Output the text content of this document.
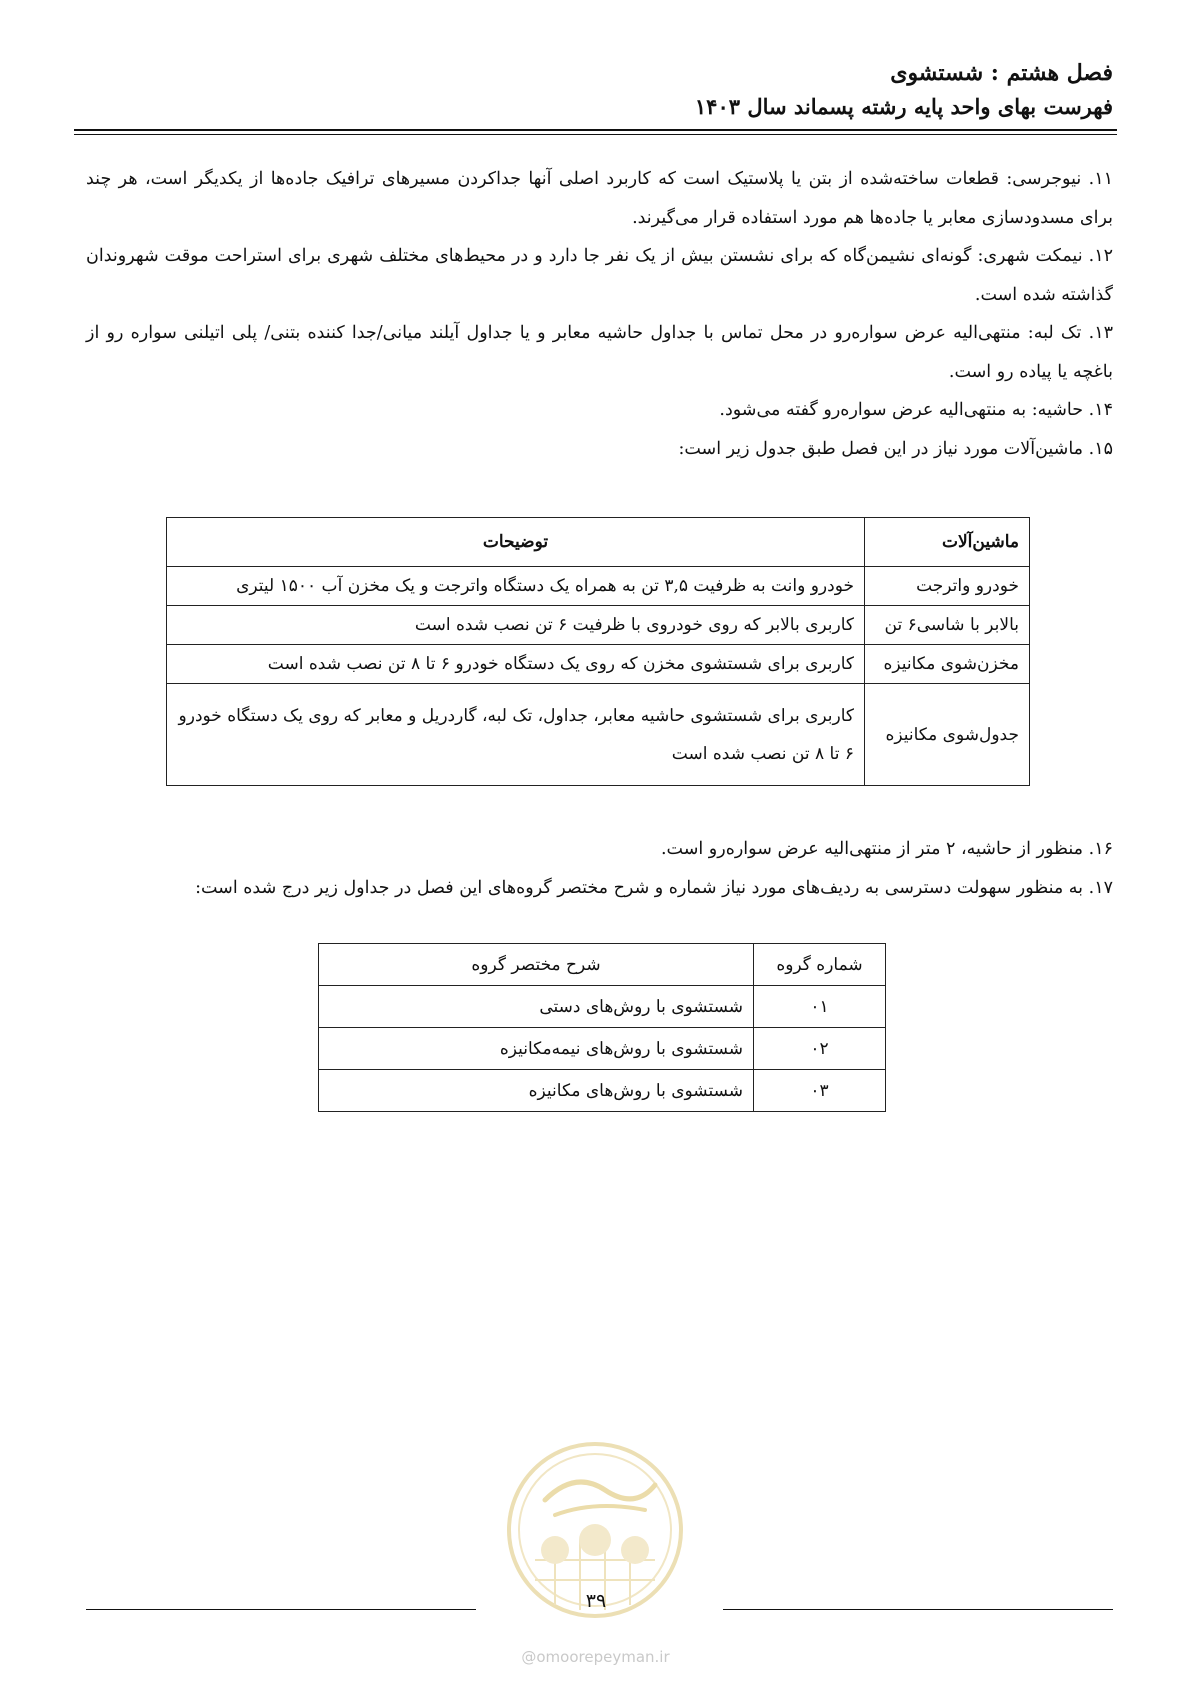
فصل هشتم : شستشوی
فهرست بهای واحد پایه رشته پسماند سال ۱۴۰۳

۱۱. نیوجرسی: قطعات ساخته‌شده از بتن یا پلاستیک است که کاربرد اصلی آنها جداکردن مسیرهای ترافیک جاده‌ها از یکدیگر است، هر چند برای مسدودسازی معابر یا جاده‌ها هم مورد استفاده قرار می‌گیرند.

۱۲. نیمکت شهری: گونه‌ای نشیمن‌گاه که برای نشستن بیش از یک نفر جا دارد و در محیط‌های مختلف شهری برای استراحت موقت شهروندان گذاشته شده است.

۱۳. تک لبه: منتهی‌الیه عرض سواره‌رو در محل تماس با جداول حاشیه معابر و یا جداول آیلند میانی/جدا کننده بتنی/ پلی اتیلنی سواره رو از باغچه یا پیاده رو است.

۱۴. حاشیه: به منتهی‌الیه عرض سواره‌رو گفته می‌شود.

۱۵. ماشین‌آلات مورد نیاز در این فصل طبق جدول زیر است:

ماشین‌آلات	توضیحات
خودرو واترجت	خودرو وانت به ظرفیت ۳,۵ تن به همراه یک دستگاه واترجت و یک مخزن آب ۱۵۰۰ لیتری
بالابر با شاسی۶ تن	کاربری بالابر که روی خودروی با ظرفیت ۶ تن نصب شده است
مخزن‌شوی مکانیزه	کاربری برای شستشوی مخزن که روی یک دستگاه خودرو ۶ تا ۸ تن نصب شده است
جدول‌شوی مکانیزه	کاربری برای شستشوی حاشیه معابر، جداول، تک لبه، گاردریل و معابر که روی یک دستگاه خودرو ۶ تا ۸ تن نصب شده است

۱۶. منظور از حاشیه، ۲ متر از منتهی‌الیه عرض سواره‌رو است.

۱۷. به منظور سهولت دسترسی به ردیف‌های مورد نیاز شماره و شرح مختصر گروه‌های این فصل در جداول زیر درج شده است:

شماره گروه	شرح مختصر گروه
۰۱	شستشوی با روش‌های دستی
۰۲	شستشوی با روش‌های نیمه‌مکانیزه
۰۳	شستشوی با روش‌های مکانیزه
۳۹
@omoorepeyman.ir
